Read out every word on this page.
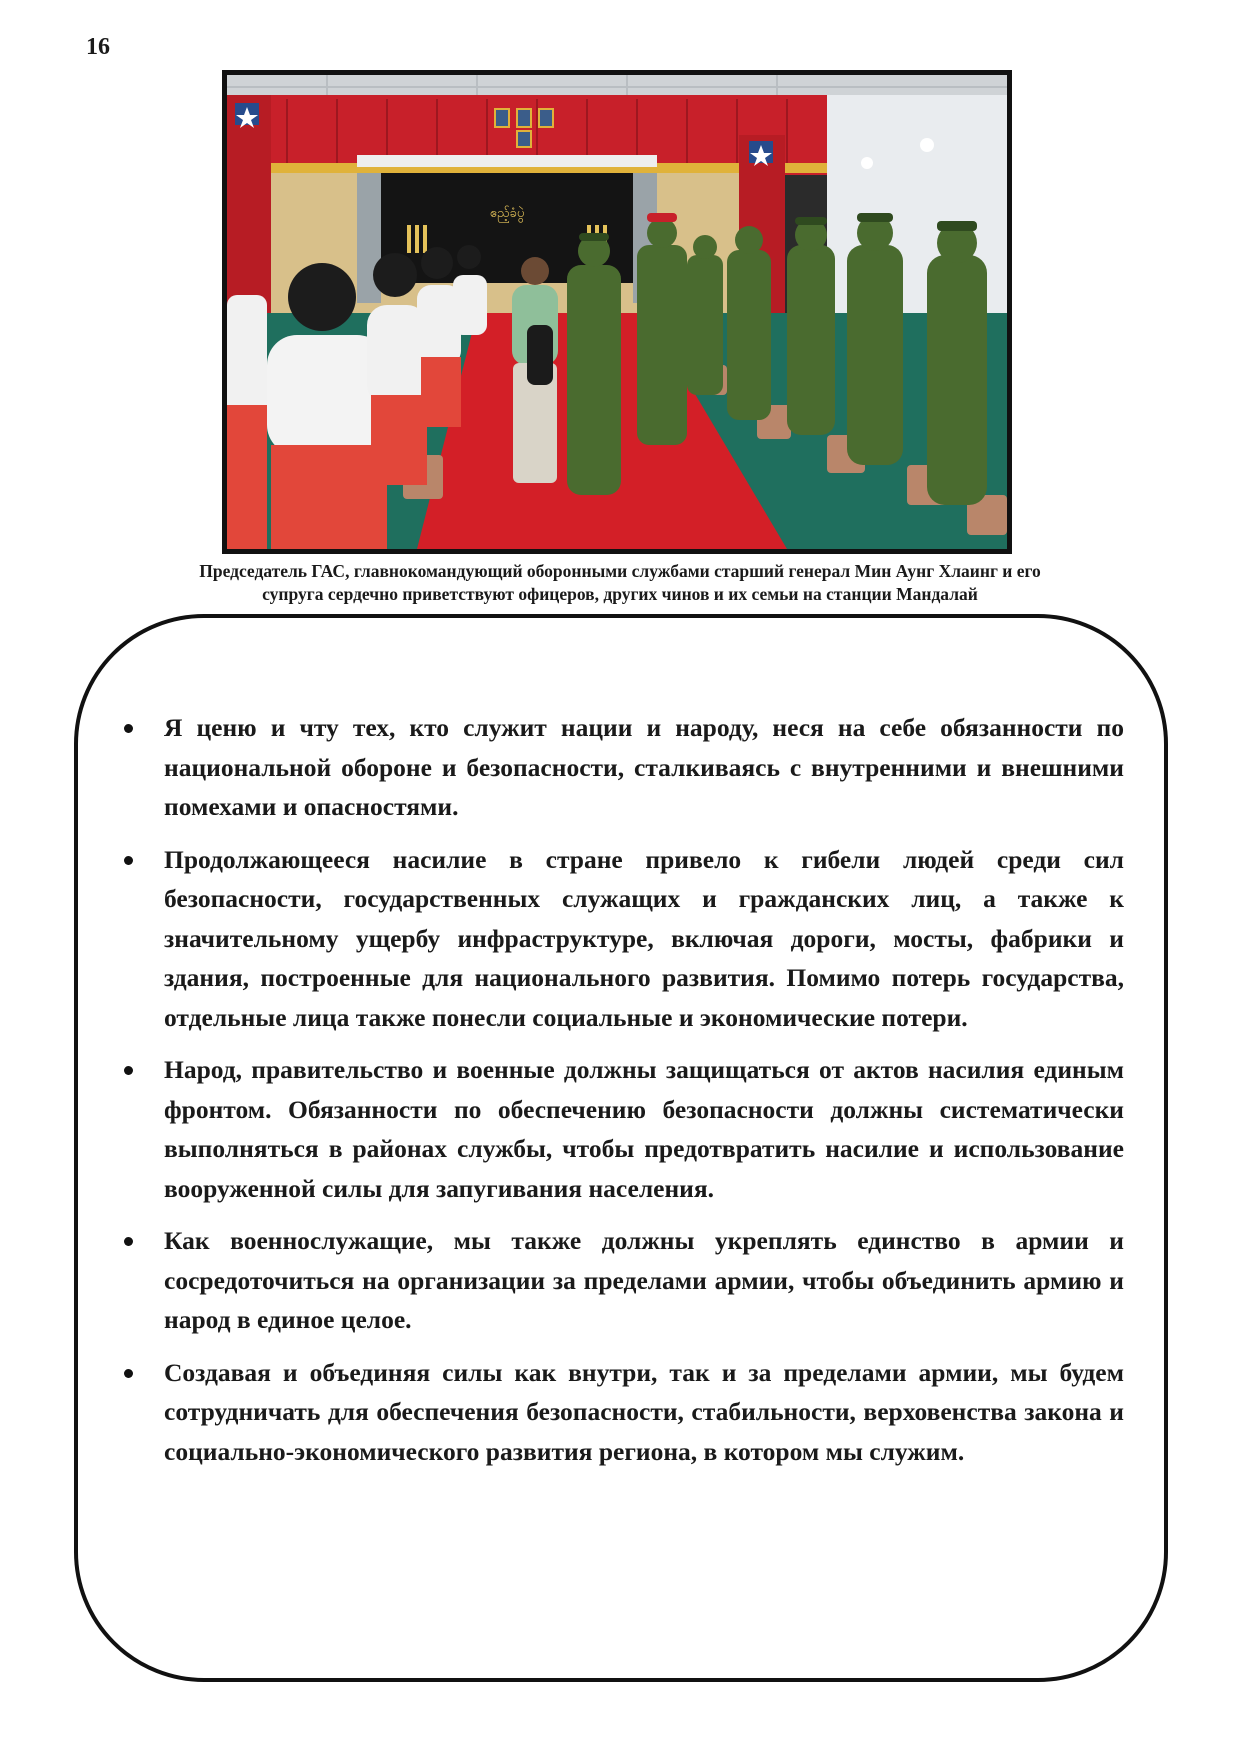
16
ဧည့်ခံပွဲ
Председатель ГАС, главнокомандующий оборонными службами старший генерал Мин Аунг Хлаинг и его
супруга сердечно приветствуют офицеров, других чинов и их семьи на станции Мандалай
Я ценю и чту тех, кто служит нации и народу, неся на себе обязанности по национальной обороне и безопасности, сталкиваясь с внутренними и внешними помехами и опасностями.
Продолжающееся насилие в стране привело к гибели людей среди сил безопасности, государственных служащих и гражданских лиц, а также к значительному ущербу инфраструктуре, включая дороги, мосты, фабрики и здания, построенные для национального развития. Помимо потерь государства, отдельные лица также понесли социальные и экономические потери.
Народ, правительство и военные должны защищаться от актов насилия единым фронтом. Обязанности по обеспечению безопасности должны систематически выполняться в районах службы, чтобы предотвратить насилие и использование вооруженной силы для запугивания населения.
Как военнослужащие, мы также должны укреплять единство в армии и сосредоточиться на организации за пределами армии, чтобы объединить армию и народ в единое целое.
Создавая и объединяя силы как внутри, так и за пределами армии, мы будем сотрудничать для обеспечения безопасности, стабильности, верховенства закона и социально-экономического развития региона, в котором мы служим.
